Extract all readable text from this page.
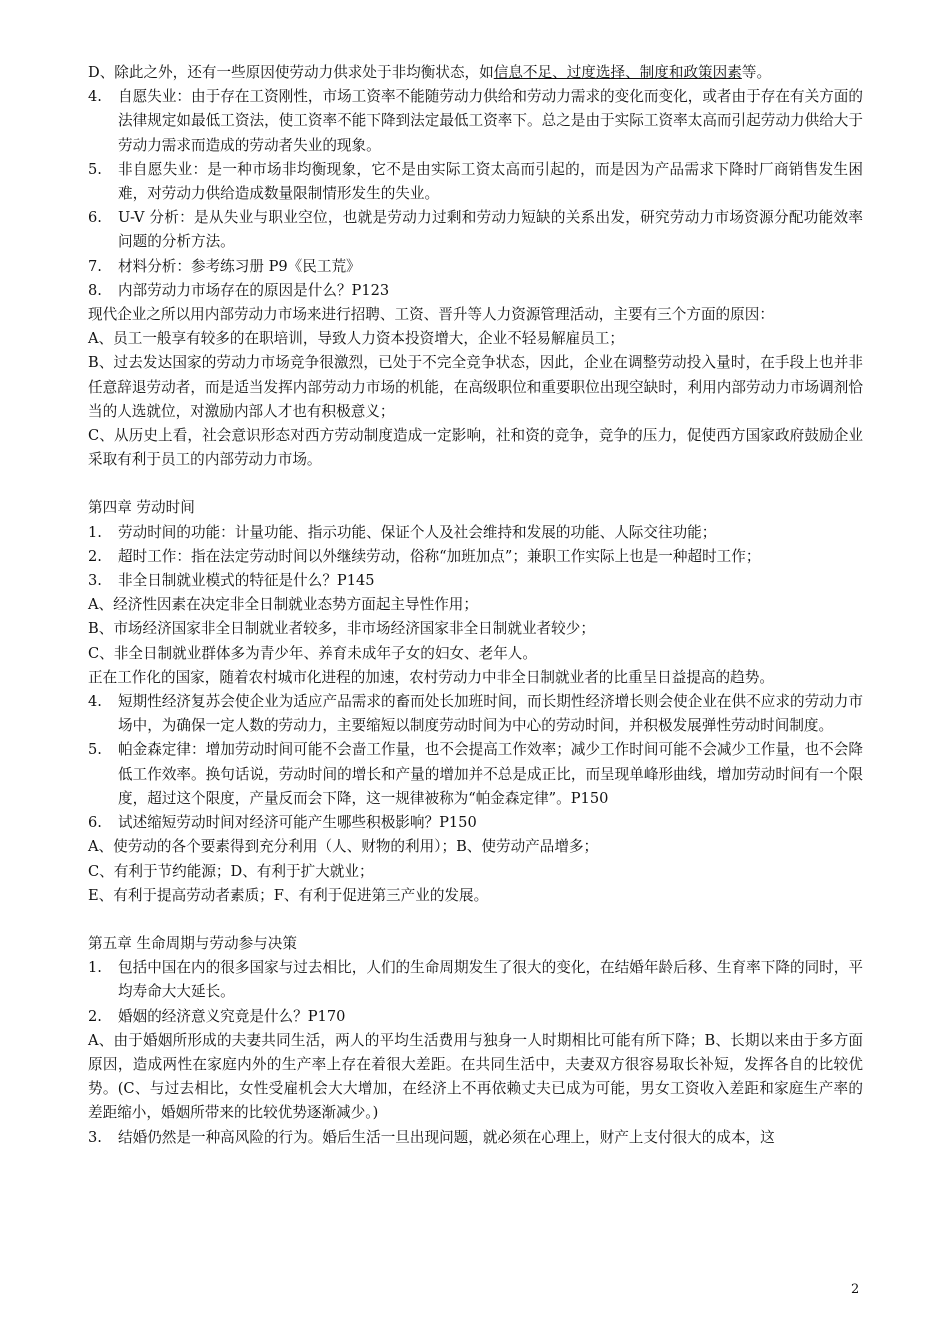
D、除此之外，还有一些原因使劳动力供求处于非均衡状态，如信息不足、过度选择、制度和政策因素等。

4.	自愿失业：由于存在工资刚性，市场工资率不能随劳动力供给和劳动力需求的变化而变化，或者由于存在有关方面的法律规定如最低工资法，使工资率不能下降到法定最低工资率下。总之是由于实际工资率太高而引起劳动力供给大于劳动力需求而造成的劳动者失业的现象。
5.	非自愿失业：是一种市场非均衡现象，它不是由实际工资太高而引起的，而是因为产品需求下降时厂商销售发生困难，对劳动力供给造成数量限制情形发生的失业。
6.	U-V 分析：是从失业与职业空位，也就是劳动力过剩和劳动力短缺的关系出发，研究劳动力市场资源分配功能效率问题的分析方法。
7.	材料分析：参考练习册 P9《民工荒》
8.	内部劳动力市场存在的原因是什么？P123

现代企业之所以用内部劳动力市场来进行招聘、工资、晋升等人力资源管理活动，主要有三个方面的原因：

A、员工一般享有较多的在职培训，导致人力资本投资增大，企业不轻易解雇员工；

B、过去发达国家的劳动力市场竞争很激烈，已处于不完全竞争状态，因此，企业在调整劳动投入量时，在手段上也并非任意辞退劳动者，而是适当发挥内部劳动力市场的机能，在高级职位和重要职位出现空缺时，利用内部劳动力市场调剂恰当的人选就位，对激励内部人才也有积极意义；

C、从历史上看，社会意识形态对西方劳动制度造成一定影响，社和资的竞争，竞争的压力，促使西方国家政府鼓励企业采取有利于员工的内部劳动力市场。

第四章 劳动时间

1.	劳动时间的功能：计量功能、指示功能、保证个人及社会维持和发展的功能、人际交往功能；
2.	超时工作：指在法定劳动时间以外继续劳动，俗称“加班加点”；兼职工作实际上也是一种超时工作；
3.	非全日制就业模式的特征是什么？P145

A、经济性因素在决定非全日制就业态势方面起主导性作用；

B、市场经济国家非全日制就业者较多，非市场经济国家非全日制就业者较少；

C、非全日制就业群体多为青少年、养育未成年子女的妇女、老年人。

正在工作化的国家，随着农村城市化进程的加速，农村劳动力中非全日制就业者的比重呈日益提高的趋势。

4.	短期性经济复苏会使企业为适应产品需求的畜而处长加班时间，而长期性经济增长则会使企业在供不应求的劳动力市场中，为确保一定人数的劳动力，主要缩短以制度劳动时间为中心的劳动时间，并积极发展弹性劳动时间制度。
5.	帕金森定律：增加劳动时间可能不会啬工作量，也不会提高工作效率；减少工作时间可能不会减少工作量，也不会降低工作效率。换句话说，劳动时间的增长和产量的增加并不总是成正比，而呈现单峰形曲线，增加劳动时间有一个限度，超过这个限度，产量反而会下降，这一规律被称为“帕金森定律”。P150
6.	试述缩短劳动时间对经济可能产生哪些积极影响？P150

A、使劳动的各个要素得到充分利用（人、财物的利用）；B、使劳动产品增多；

C、有利于节约能源；D、有利于扩大就业；

E、有利于提高劳动者素质；F、有利于促进第三产业的发展。

第五章 生命周期与劳动参与决策

1.	包括中国在内的很多国家与过去相比，人们的生命周期发生了很大的变化，在结婚年龄后移、生育率下降的同时，平均寿命大大延长。
2.	婚姻的经济意义究竟是什么？P170

A、由于婚姻所形成的夫妻共同生活，两人的平均生活费用与独身一人时期相比可能有所下降；B、长期以来由于多方面原因，造成两性在家庭内外的生产率上存在着很大差距。在共同生活中，夫妻双方很容易取长补短，发挥各自的比较优势。(C、与过去相比，女性受雇机会大大增加，在经济上不再依赖丈夫已成为可能，男女工资收入差距和家庭生产率的差距缩小，婚姻所带来的比较优势逐渐减少。)

3.	结婚仍然是一种高风险的行为。婚后生活一旦出现问题，就必须在心理上，财产上支付很大的成本，这
2
